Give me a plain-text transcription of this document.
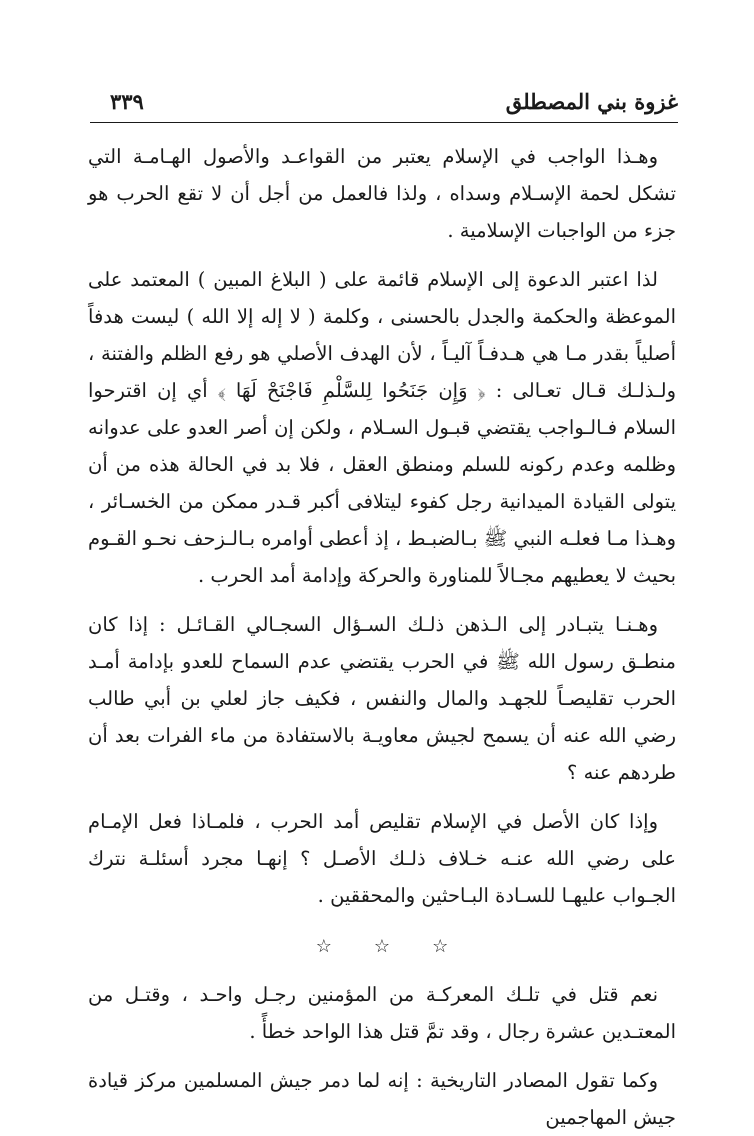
غزوة بني المصطلق
٣٣٩

وهـذا الواجب في الإسلام يعتبر من القواعـد والأصول الهـامـة التي تشكل لحمة الإسـلام وسداه ، ولذا فالعمل من أجل أن لا تقع الحرب هو جزء من الواجبات الإسلامية .

لذا اعتبر الدعوة إلى الإسلام قائمة على ( البلاغ المبين ) المعتمد على الموعظة والحكمة والجدل بالحسنى ، وكلمة ( لا إله إلا الله ) ليست هدفاً أصلياً بقدر مـا هي هـدفـاً آليـاً ، لأن الهدف الأصلي هو رفع الظلم والفتنة ، ولـذلـك قـال تعـالى : ﴿ وَإِن جَنَحُوا لِلسَّلْمِ فَاجْنَحْ لَهَا ﴾ أي إن اقترحوا السلام فـالـواجب يقتضي قبـول السـلام ، ولكن إن أصر العدو على عدوانه وظلمه وعدم ركونه للسلم ومنطق العقل ، فلا بد في الحالة هذه من أن يتولى القيادة الميدانية رجل كفوء ليتلافى أكبر قـدر ممكن من الخسـائر ، وهـذا مـا فعلـه النبي ﷺ بـالضبـط ، إذ أعطى أوامره بـالـزحف نحـو القـوم بحيث لا يعطيهم مجـالاً للمناورة والحركة وإدامة أمد الحرب .

وهـنـا يتبـادر إلى الـذهن ذلـك السـؤال السجـالي القـائـل : إذا كان منطـق رسول الله ﷺ في الحرب يقتضي عدم السماح للعدو بإدامة أمـد الحرب تقليصـاً للجهـد والمال والنفس ، فكيف جاز لعلي بن أبي طالب رضي الله عنه أن يسمح لجيش معاويـة بالاستفادة من ماء الفرات بعد أن طردهم عنه ؟

وإذا كان الأصل في الإسلام تقليص أمد الحرب ، فلمـاذا فعل الإمـام على رضي الله عنـه خـلاف ذلـك الأصـل ؟ إنهـا مجرد أسئلـة نترك الجـواب عليهـا للسـادة البـاحثين والمحققين .

☆ ☆ ☆

نعم قتل في تلـك المعركـة من المؤمنين رجـل واحـد ، وقتـل من المعتـدين عشرة رجال ، وقد تمَّ قتل هذا الواحد خطأً .

وكما تقول المصادر التاريخية : إنه لما دمر جيش المسلمين مركز قيادة جيش المهاجمين
